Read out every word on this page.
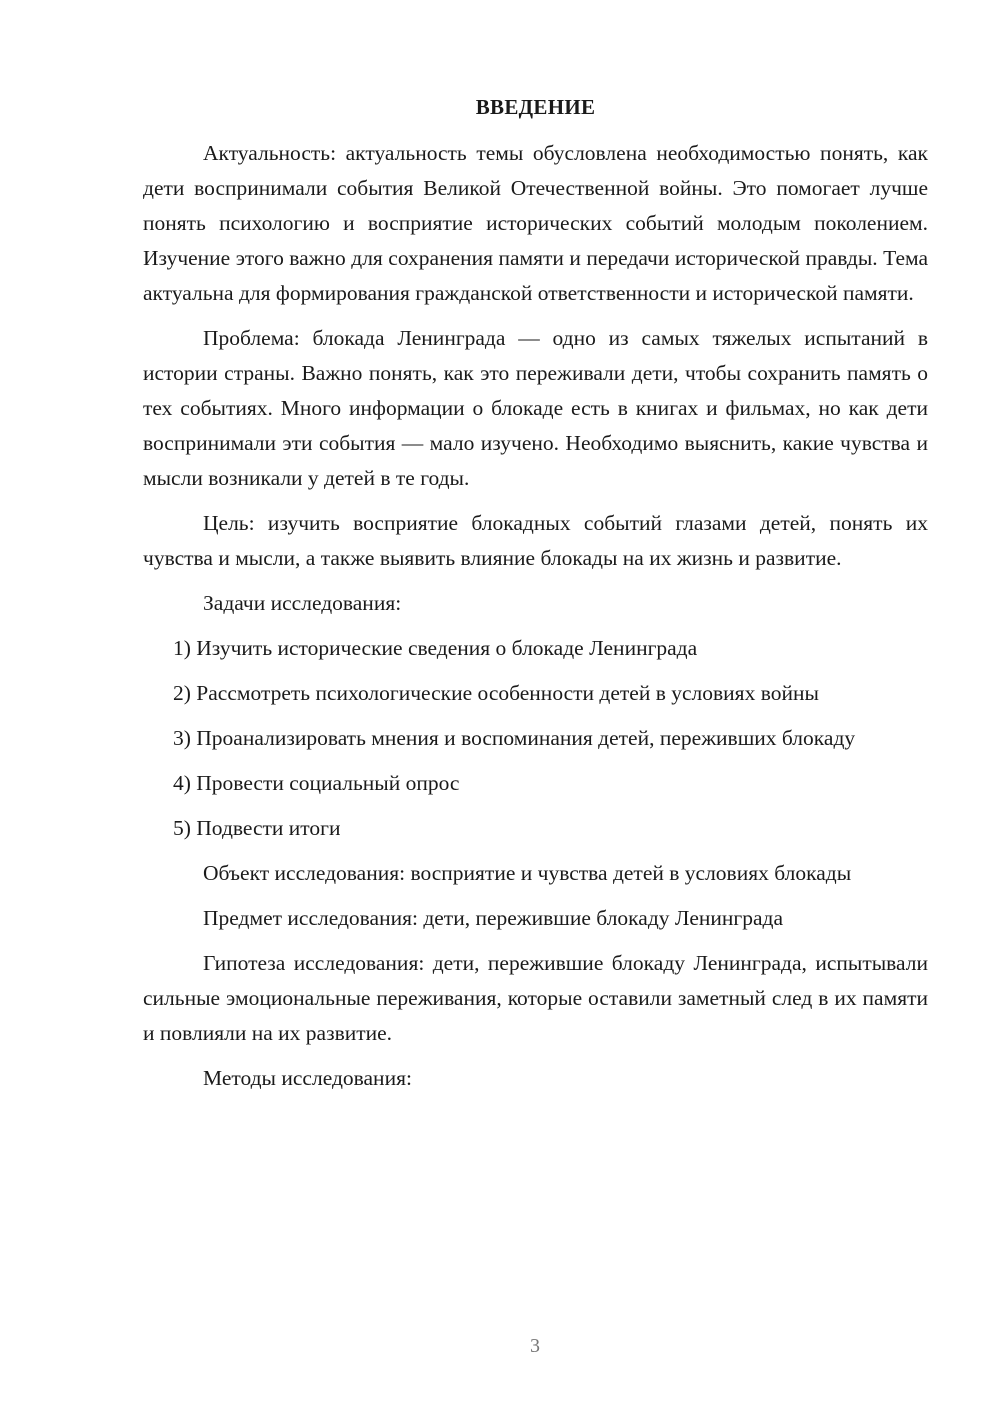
ВВЕДЕНИЕ

Актуальность: актуальность темы обусловлена необходимостью понять, как дети воспринимали события Великой Отечественной войны. Это помогает лучше понять психологию и восприятие исторических событий молодым поколением. Изучение этого важно для сохранения памяти и передачи исторической правды. Тема актуальна для формирования гражданской ответственности и исторической памяти.

Проблема: блокада Ленинграда — одно из самых тяжелых испытаний в истории страны. Важно понять, как это переживали дети, чтобы сохранить память о тех событиях. Много информации о блокаде есть в книгах и фильмах, но как дети воспринимали эти события — мало изучено. Необходимо выяснить, какие чувства и мысли возникали у детей в те годы.

Цель: изучить восприятие блокадных событий глазами детей, понять их чувства и мысли, а также выявить влияние блокады на их жизнь и развитие.

Задачи исследования:

1) Изучить исторические сведения о блокаде Ленинграда

2) Рассмотреть психологические особенности детей в условиях войны

3) Проанализировать мнения и воспоминания детей, переживших блокаду

4) Провести социальный опрос

5) Подвести итоги

Объект исследования: восприятие и чувства детей в условиях блокады

Предмет исследования: дети, пережившие блокаду Ленинграда

Гипотеза исследования: дети, пережившие блокаду Ленинграда, испытывали сильные эмоциональные переживания, которые оставили заметный след в их памяти и повлияли на их развитие.

Методы исследования:

3
